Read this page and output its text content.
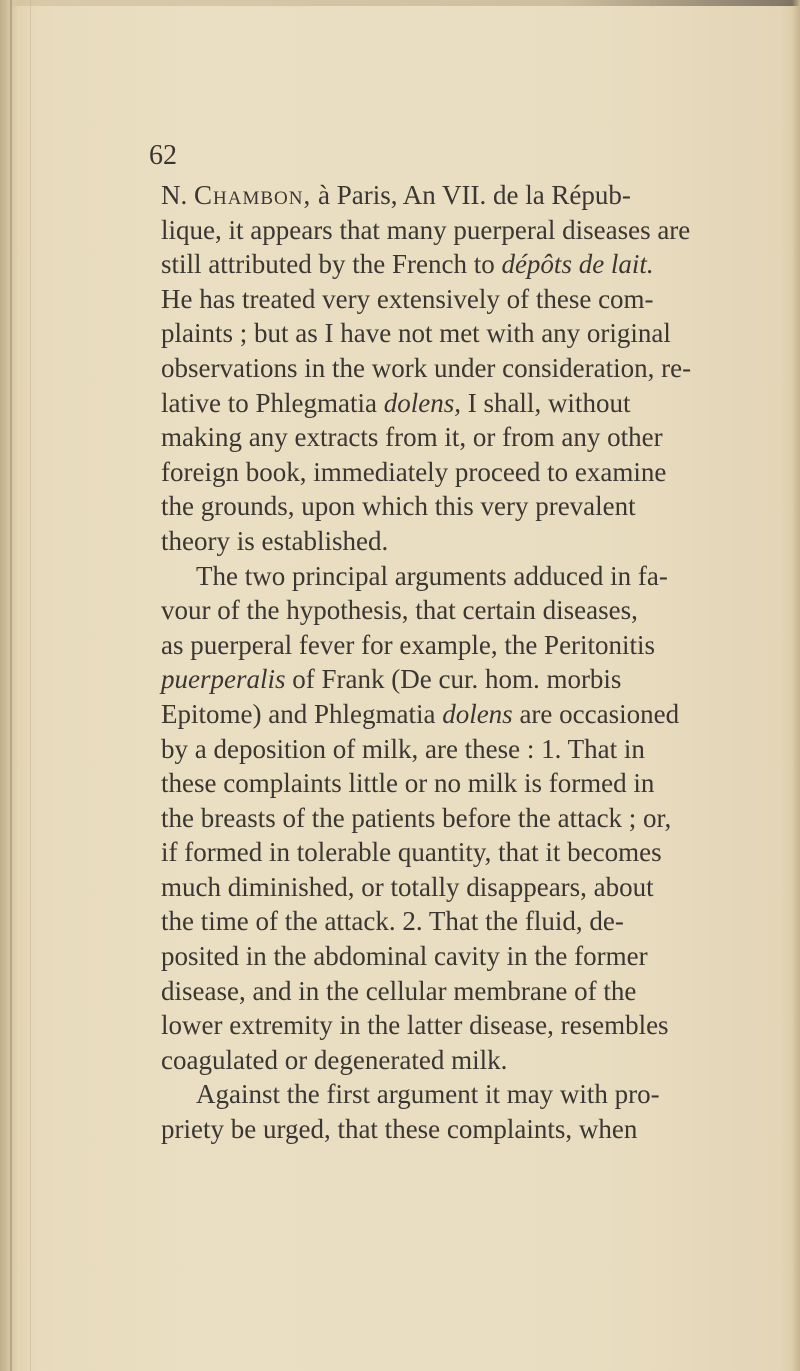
62

N. Chambon, à Paris, An VII. de la Répub-

lique, it appears that many puerperal diseases are

still attributed by the French to dépôts de lait.

He has treated very extensively of these com-

plaints ; but as I have not met with any original

observations in the work under consideration, re-

lative to Phlegmatia dolens, I shall, without

making any extracts from it, or from any other

foreign book, immediately proceed to examine

the grounds, upon which this very prevalent

theory is established.

The two principal arguments adduced in fa-

vour of the hypothesis, that certain diseases,

as puerperal fever for example, the Peritonitis

puerperalis of Frank (De cur. hom. morbis

Epitome) and Phlegmatia dolens are occasioned

by a deposition of milk, are these : 1. That in

these complaints little or no milk is formed in

the breasts of the patients before the attack ; or,

if formed in tolerable quantity, that it becomes

much diminished, or totally disappears, about

the time of the attack. 2. That the fluid, de-

posited in the abdominal cavity in the former

disease, and in the cellular membrane of the

lower extremity in the latter disease, resembles

coagulated or degenerated milk.

Against the first argument it may with pro-

priety be urged, that these complaints, when
